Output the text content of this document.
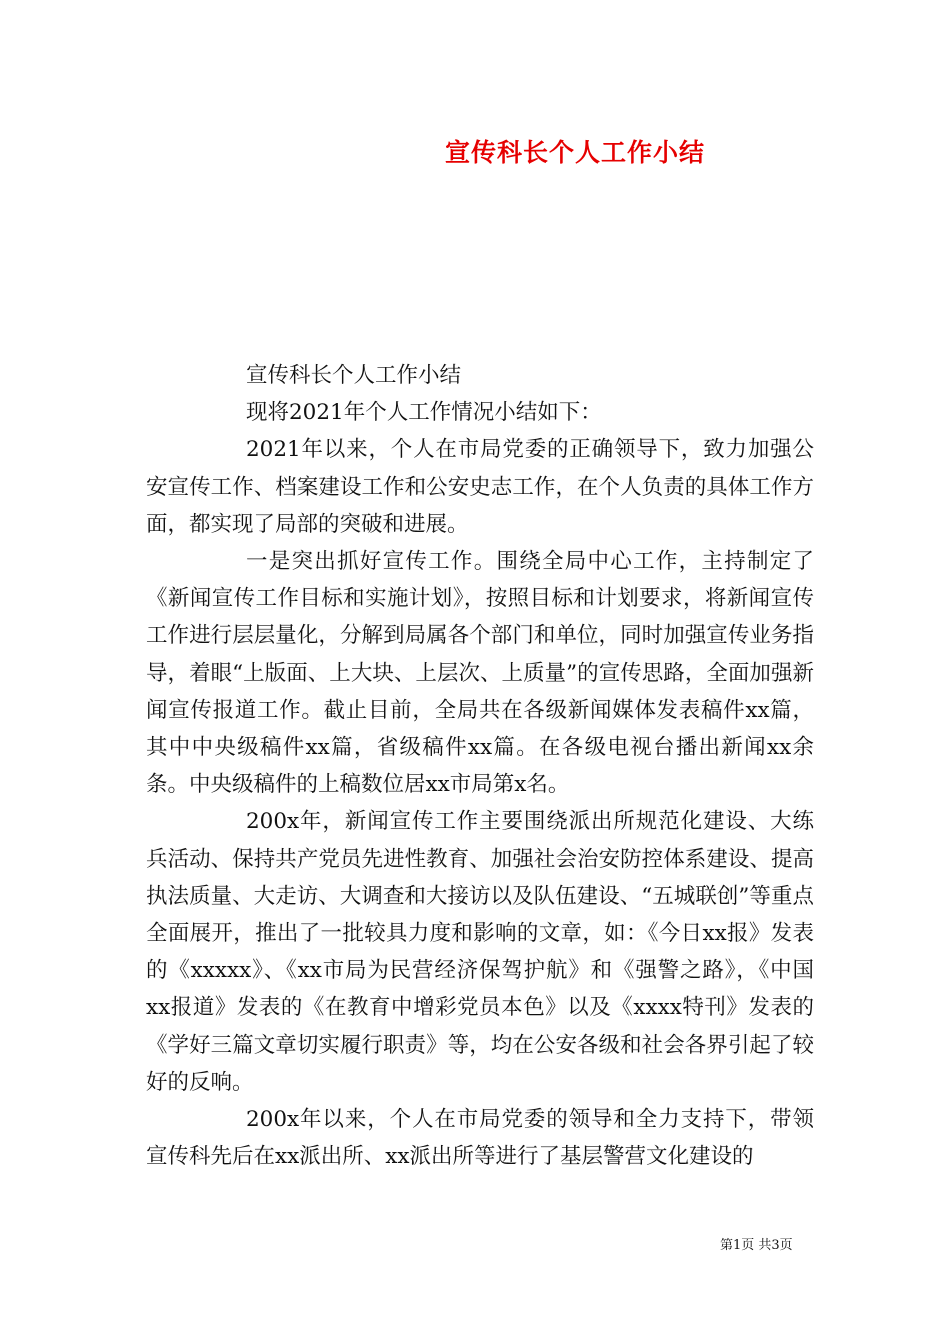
宣传科长个人工作小结

宣传科长个人工作小结

现将2021年个人工作情况小结如下：

2021年以来，个人在市局党委的正确领导下，致力加强公安宣传工作、档案建设工作和公安史志工作，在个人负责的具体工作方面，都实现了局部的突破和进展。

一是突出抓好宣传工作。围绕全局中心工作，主持制定了《新闻宣传工作目标和实施计划》，按照目标和计划要求，将新闻宣传工作进行层层量化，分解到局属各个部门和单位，同时加强宣传业务指导，着眼“上版面、上大块、上层次、上质量”的宣传思路，全面加强新闻宣传报道工作。截止目前，全局共在各级新闻媒体发表稿件xx篇，其中中央级稿件xx篇，省级稿件xx篇。在各级电视台播出新闻xx余条。中央级稿件的上稿数位居xx市局第x名。

200x年，新闻宣传工作主要围绕派出所规范化建设、大练兵活动、保持共产党员先进性教育、加强社会治安防控体系建设、提高执法质量、大走访、大调查和大接访以及队伍建设、“五城联创”等重点全面展开，推出了一批较具力度和影响的文章，如：《今日xx报》发表的《xxxxx》、《xx市局为民营经济保驾护航》和《强警之路》，《中国xx报道》发表的《在教育中增彩党员本色》以及《xxxx特刊》发表的《学好三篇文章切实履行职责》等，均在公安各级和社会各界引起了较好的反响。

200x年以来，个人在市局党委的领导和全力支持下，带领宣传科先后在xx派出所、xx派出所等进行了基层警营文化建设的

第1页 共3页
